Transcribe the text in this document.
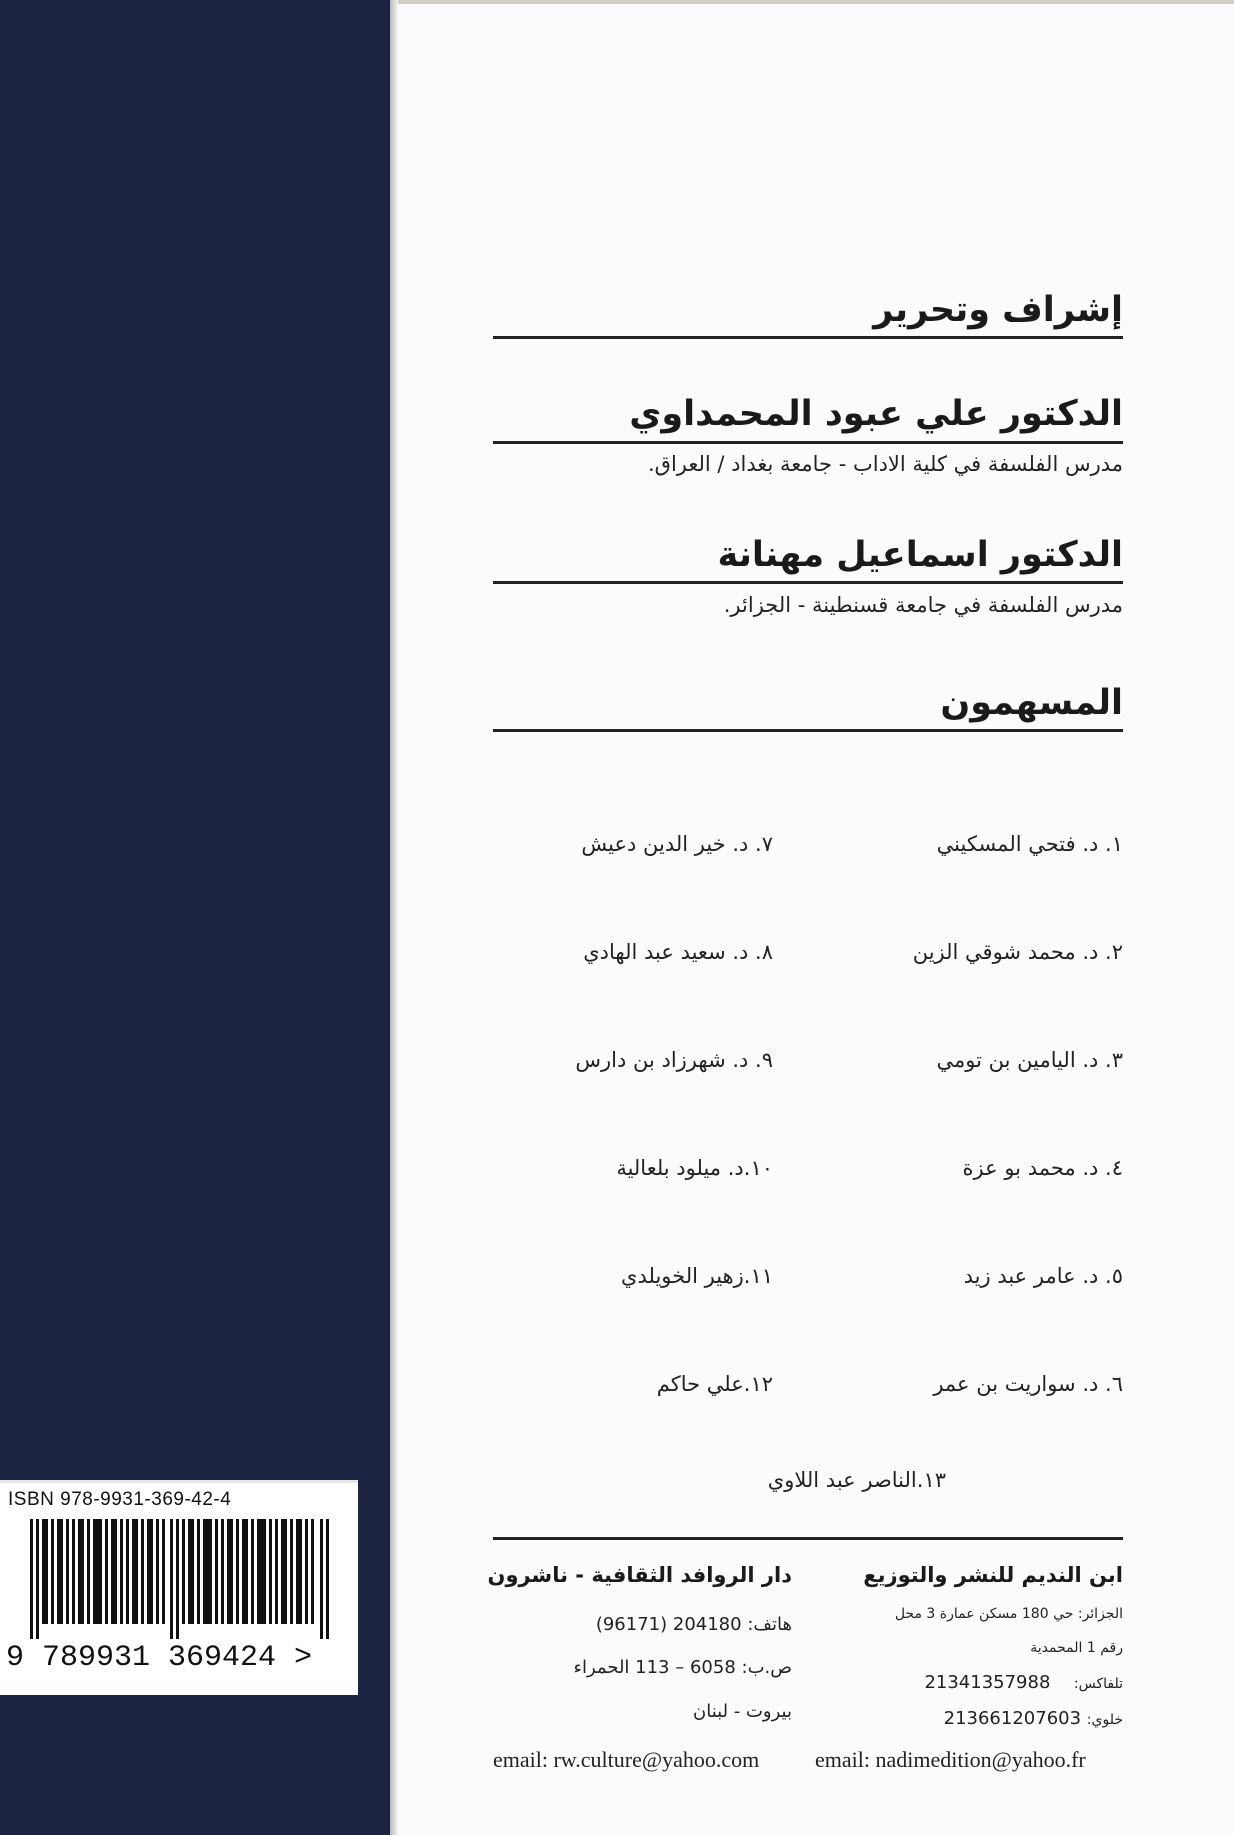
ISBN 978-9931-369-42-4
9 789931 369424 >
إشراف وتحرير
الدكتور علي عبود المحمداوي
مدرس الفلسفة في كلية الاداب - جامعة بغداد / العراق.
الدكتور اسماعيل مهنانة
مدرس الفلسفة في جامعة قسنطينة - الجزائر.
المسهمون
١. د. فتحي المسكيني
٢. د. محمد شوقي الزين
٣. د. اليامين بن تومي
٤. د. محمد بو عزة
٥. د. عامر عبد زيد
٦. د. سواريت بن عمر
٧. د. خير الدين دعيش
٨. د. سعيد عبد الهادي
٩. د. شهرزاد بن دارس
١٠.د. ميلود بلعالية
١١.زهير الخويلدي
١٢.علي حاكم
١٣.الناصر عبد اللاوي
ابن النديم للنشر والتوزيع
الجزائر: حي 180 مسكن عمارة 3 محل
رقم 1 المحمدية
تلفاكس:  21341357988
خلوي: 213661207603
email: nadimedition@yahoo.fr
دار الروافد الثقافية - ناشرون
هاتف: 204180 (96171)
ص.ب: 6058 – 113 الحمراء
بيروت - لبنان
email: rw.culture@yahoo.com
